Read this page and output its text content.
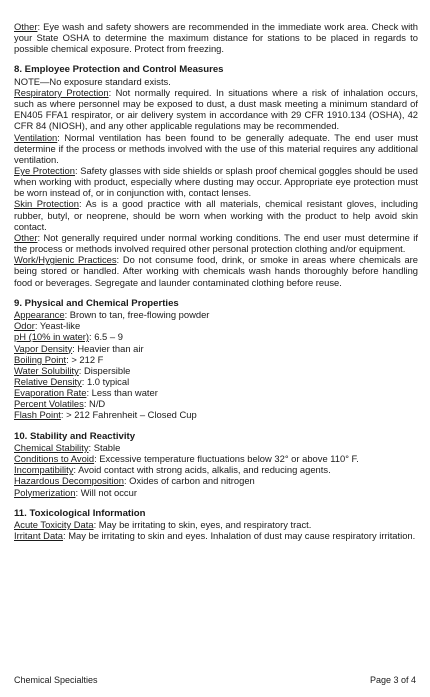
Other: Eye wash and safety showers are recommended in the immediate work area. Check with your State OSHA to determine the maximum distance for stations to be placed in regards to possible chemical exposure. Protect from freezing.

8. Employee Protection and Control Measures

NOTE—No exposure standard exists.

Respiratory Protection: Not normally required. In situations where a risk of inhalation occurs, such as where personnel may be exposed to dust, a dust mask meeting a minimum standard of EN405 FFA1 respirator, or air delivery system in accordance with 29 CFR 1910.134 (OSHA), 42 CFR 84 (NIOSH), and any other applicable regulations may be recommended.

Ventilation: Normal ventilation has been found to be generally adequate. The end user must determine if the process or methods involved with the use of this material requires any additional ventilation.

Eye Protection: Safety glasses with side shields or splash proof chemical goggles should be used when working with product, especially where dusting may occur. Appropriate eye protection must be worn instead of, or in conjunction with, contact lenses.

Skin Protection: As is a good practice with all materials, chemical resistant gloves, including rubber, butyl, or neoprene, should be worn when working with the product to help avoid skin contact.

Other: Not generally required under normal working conditions. The end user must determine if the process or methods involved required other personal protection clothing and/or equipment.

Work/Hygienic Practices: Do not consume food, drink, or smoke in areas where chemicals are being stored or handled. After working with chemicals wash hands thoroughly before handling food or beverages. Segregate and launder contaminated clothing before reuse.

9. Physical and Chemical Properties
Appearance: Brown to tan, free-flowing powder
Odor: Yeast-like
pH (10% in water): 6.5 – 9
Vapor Density: Heavier than air
Boiling Point: > 212 F
Water Solubility: Dispersible
Relative Density: 1.0 typical
Evaporation Rate: Less than water
Percent Volatiles: N/D
Flash Point: > 212 Fahrenheit – Closed Cup
10. Stability and Reactivity
Chemical Stability: Stable
Conditions to Avoid: Excessive temperature fluctuations below 32° or above 110° F.
Incompatibility: Avoid contact with strong acids, alkalis, and reducing agents.
Hazardous Decomposition: Oxides of carbon and nitrogen
Polymerization: Will not occur
11. Toxicological Information

Acute Toxicity Data: May be irritating to skin, eyes, and respiratory tract.

Irritant Data: May be irritating to skin and eyes. Inhalation of dust may cause respiratory irritation.

Chemical Specialties	Page 3 of 4
